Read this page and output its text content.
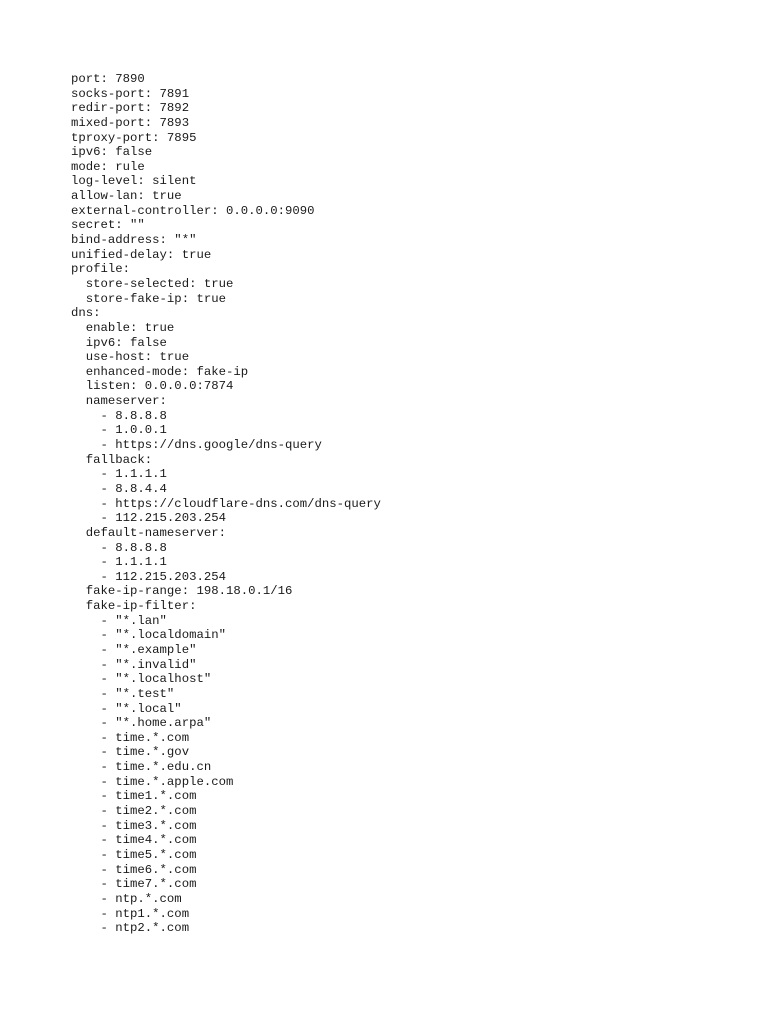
port: 7890
socks-port: 7891
redir-port: 7892
mixed-port: 7893
tproxy-port: 7895
ipv6: false
mode: rule
log-level: silent
allow-lan: true
external-controller: 0.0.0.0:9090
secret: ""
bind-address: "*"
unified-delay: true
profile:
store-selected: true
store-fake-ip: true
dns:
enable: true
ipv6: false
use-host: true
enhanced-mode: fake-ip
listen: 0.0.0.0:7874
nameserver:
- 8.8.8.8
- 1.0.0.1
- https://dns.google/dns-query
fallback:
- 1.1.1.1
- 8.8.4.4
- https://cloudflare-dns.com/dns-query
- 112.215.203.254
default-nameserver:
- 8.8.8.8
- 1.1.1.1
- 112.215.203.254
fake-ip-range: 198.18.0.1/16
fake-ip-filter:
- "*.lan"
- "*.localdomain"
- "*.example"
- "*.invalid"
- "*.localhost"
- "*.test"
- "*.local"
- "*.home.arpa"
- time.*.com
- time.*.gov
- time.*.edu.cn
- time.*.apple.com
- time1.*.com
- time2.*.com
- time3.*.com
- time4.*.com
- time5.*.com
- time6.*.com
- time7.*.com
- ntp.*.com
- ntp1.*.com
- ntp2.*.com
